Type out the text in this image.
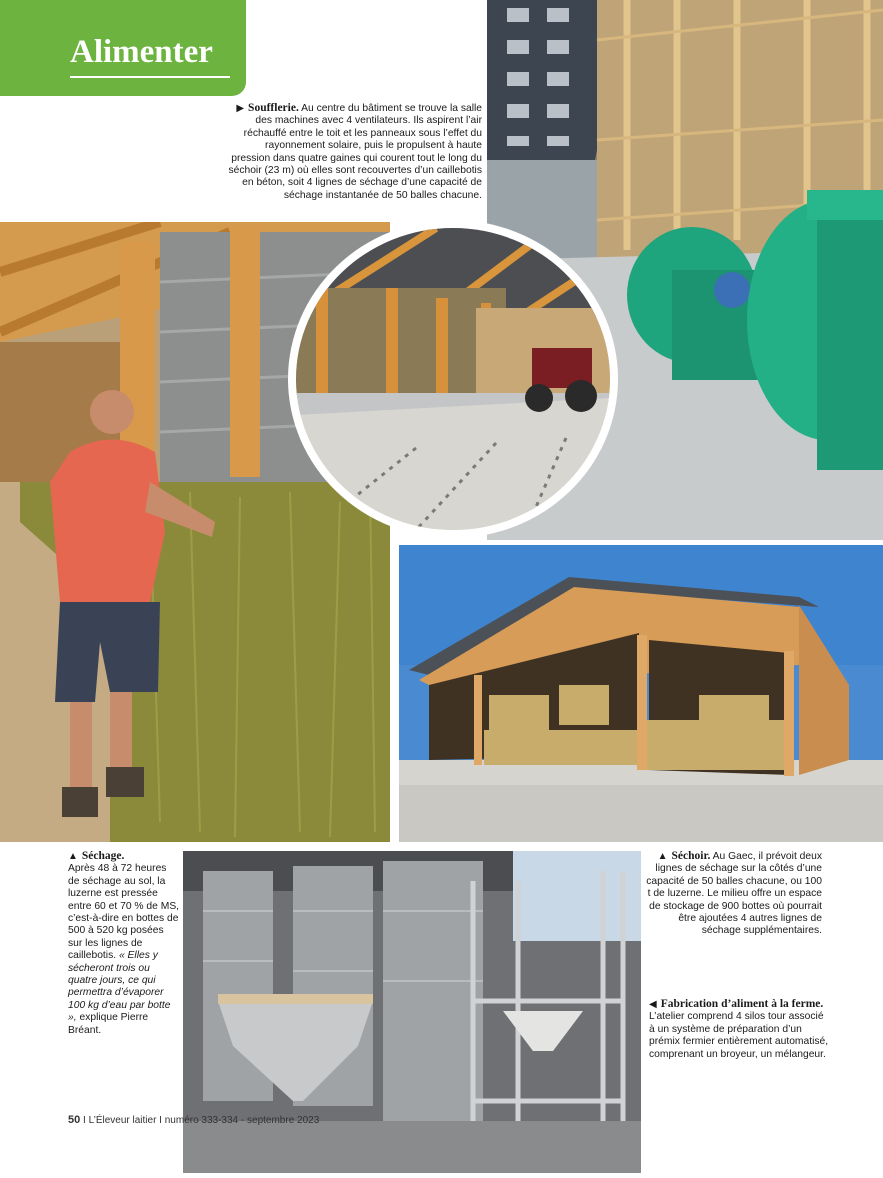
Alimenter
▶ Soufflerie. Au centre du bâtiment se trouve la salle des machines avec 4 ventilateurs. Ils aspirent l’air réchauffé entre le toit et les panneaux sous l’effet du rayonnement solaire, puis le propulsent à haute pression dans quatre gaines qui courent tout le long du séchoir (23 m) où elles sont recouvertes d’un caillebotis en béton, soit 4 lignes de séchage d’une capacité de séchage instantanée de 50 balles chacune.
▲ Séchage.
Après 48 à 72 heures de séchage au sol, la luzerne est pressée entre 60 et 70 % de MS, c’est-à-dire en bottes de 500 à 520 kg posées sur les lignes de caillebotis. « Elles y sécheront trois ou quatre jours, ce qui permettra d’évaporer 100 kg d’eau par botte », explique Pierre Bréant.
▲ Séchoir. Au Gaec, il prévoit deux lignes de séchage sur la côtés d’une capacité de 50 balles chacune, ou 100 t de luzerne. Le milieu offre un espace de stockage de 900 bottes où pourrait être ajoutées 4 autres lignes de séchage supplémentaires.
◀ Fabrication d’aliment à la ferme. L’atelier comprend 4 silos tour associé à un système de préparation d’un prémix fermier entièrement automatisé, comprenant un broyeur, un mélangeur.
50 I L’Éleveur laitier I numéro 333-334 - septembre 2023
